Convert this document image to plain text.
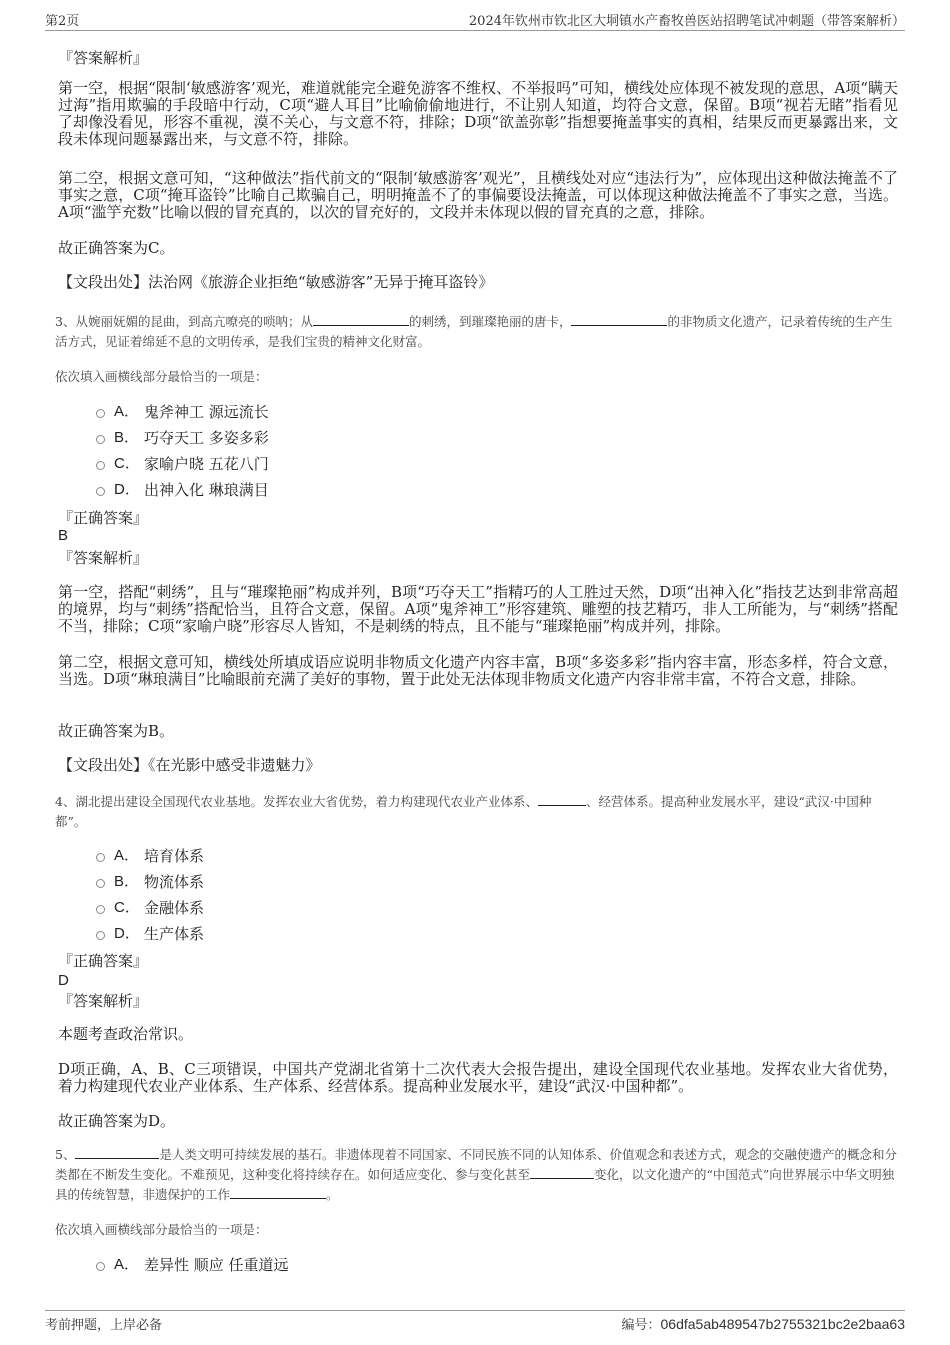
第2页	2024年钦州市钦北区大垌镇水产畜牧兽医站招聘笔试冲刺题（带答案解析）
『答案解析』
第一空，根据“限制‘敏感游客’观光，难道就能完全避免游客不维权、不举报吗”可知，横线处应体现不被发现的意思，A项“瞒天过海”指用欺骗的手段暗中行动，C项“避人耳目”比喻偷偷地进行，不让别人知道，均符合文意，保留。B项“视若无睹”指看见了却像没看见，形容不重视，漠不关心，与文意不符，排除；D项“欲盖弥彰”指想要掩盖事实的真相，结果反而更暴露出来，文段未体现问题暴露出来，与文意不符，排除。
第二空，根据文意可知，“这种做法”指代前文的“限制‘敏感游客’观光”，且横线处对应“违法行为”，应体现出这种做法掩盖不了事实之意，C项“掩耳盗铃”比喻自己欺骗自己，明明掩盖不了的事偏要设法掩盖，可以体现这种做法掩盖不了事实之意，当选。A项“滥竽充数”比喻以假的冒充真的，以次的冒充好的，文段并未体现以假的冒充真的之意，排除。
故正确答案为C。
【文段出处】法治网《旅游企业拒绝“敏感游客”无异于掩耳盗铃》
3、从婉丽妩媚的昆曲，到高亢嘹亮的唢呐；从	的刺绣，到璀璨艳丽的唐卡，	的非物质文化遗产，记录着传统的生产生活方式，见证着绵延不息的文明传承，是我们宝贵的精神文化财富。
依次填入画横线部分最恰当的一项是：
A． 鬼斧神工 源远流长
B． 巧夺天工 多姿多彩
C． 家喻户晓 五花八门
D． 出神入化 琳琅满目
『正确答案』
B
『答案解析』
第一空，搭配“刺绣”，且与“璀璨艳丽”构成并列，B项“巧夺天工”指精巧的人工胜过天然，D项“出神入化”指技艺达到非常高超的境界，均与“刺绣”搭配恰当，且符合文意，保留。A项“鬼斧神工”形容建筑、雕塑的技艺精巧，非人工所能为，与“刺绣”搭配不当，排除；C项“家喻户晓”形容尽人皆知，不是刺绣的特点，且不能与“璀璨艳丽”构成并列，排除。
第二空，根据文意可知，横线处所填成语应说明非物质文化遗产内容丰富，B项“多姿多彩”指内容丰富，形态多样，符合文意，当选。D项“琳琅满目”比喻眼前充满了美好的事物，置于此处无法体现非物质文化遗产内容非常丰富，不符合文意，排除。
故正确答案为B。
【文段出处】《在光影中感受非遗魅力》
4、湖北提出建设全国现代农业基地。发挥农业大省优势，着力构建现代农业产业体系、	、经营体系。提高种业发展水平，建设“武汉·中国种都”。
A． 培育体系
B． 物流体系
C． 金融体系
D． 生产体系
『正确答案』
D
『答案解析』
本题考查政治常识。
D项正确，A、B、C三项错误，中国共产党湖北省第十二次代表大会报告提出，建设全国现代农业基地。发挥农业大省优势，着力构建现代农业产业体系、生产体系、经营体系。提高种业发展水平，建设“武汉·中国种都”。
故正确答案为D。
5、	是人类文明可持续发展的基石。非遗体现着不同国家、不同民族不同的认知体系、价值观念和表述方式，观念的交融使遗产的概念和分类都在不断发生变化。不难预见，这种变化将持续存在。如何适应变化、参与变化甚至	变化，以文化遗产的“中国范式”向世界展示中华文明独具的传统智慧，非遗保护的工作	。
依次填入画横线部分最恰当的一项是：
A． 差异性 顺应 任重道远
考前押题，上岸必备	编号：06dfa5ab489547b2755321bc2e2baa63
